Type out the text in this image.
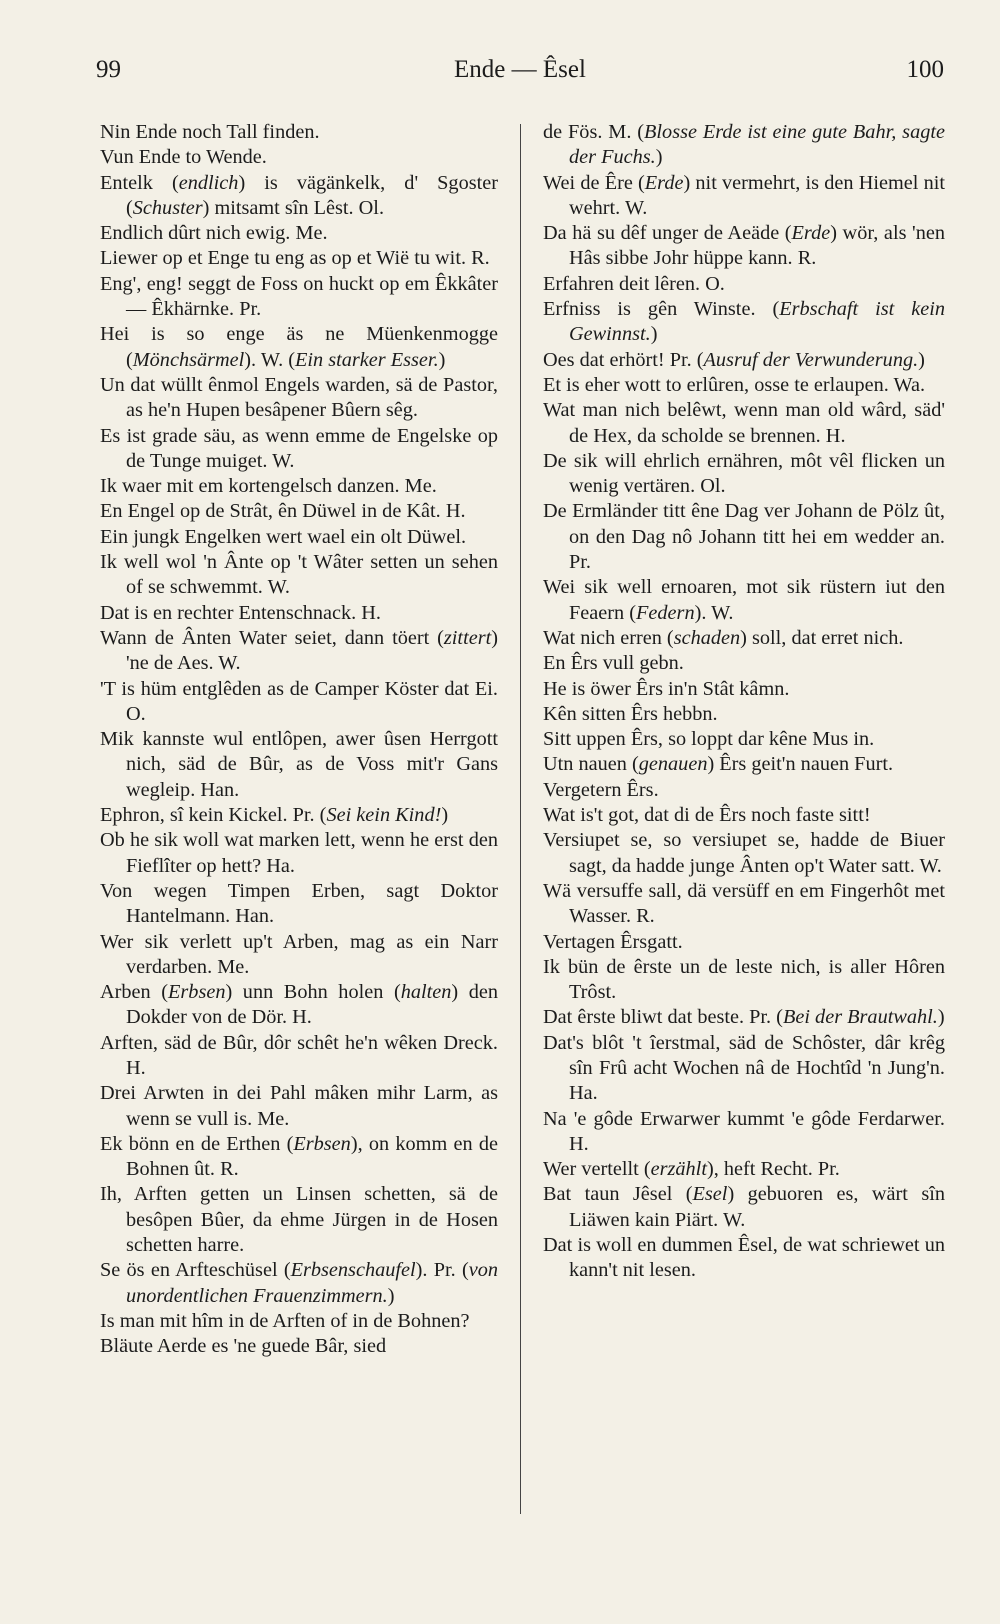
99	Ende — Êsel	100

Nin Ende noch Tall finden.

Vun Ende to Wende.

Entelk (endlich) is vägänkelk, d' Sgoster (Schuster) mitsamt sîn Lêst. Ol.

Endlich dûrt nich ewig. Me.

Liewer op et Enge tu eng as op et Wië tu wit. R.

Eng', eng! seggt de Foss on huckt op em Êkkâter — Êkhärnke. Pr.

Hei is so enge äs ne Müenkenmogge (Mönchsärmel). W. (Ein starker Esser.)

Un dat wüllt ênmol Engels warden, sä de Pastor, as he'n Hupen besâpener Bûern sêg.

Es ist grade säu, as wenn emme de Engelske op de Tunge muiget. W.

Ik waer mit em kortengelsch danzen. Me.

En Engel op de Strât, ên Düwel in de Kât. H.

Ein jungk Engelken wert wael ein olt Düwel.

Ik well wol 'n Ânte op 't Wâter setten un sehen of se schwemmt. W.

Dat is en rechter Entenschnack. H.

Wann de Ânten Water seiet, dann töert (zittert) 'ne de Aes. W.

'T is hüm entglêden as de Camper Köster dat Ei. O.

Mik kannste wul entlôpen, awer ûsen Herrgott nich, säd de Bûr, as de Voss mit'r Gans wegleip. Han.

Ephron, sî kein Kickel. Pr. (Sei kein Kind!)

Ob he sik woll wat marken lett, wenn he erst den Fieflîter op hett? Ha.

Von wegen Timpen Erben, sagt Doktor Hantelmann. Han.

Wer sik verlett up't Arben, mag as ein Narr verdarben. Me.

Arben (Erbsen) unn Bohn holen (halten) den Dokder von de Dör. H.

Arften, säd de Bûr, dôr schêt he'n wêken Dreck. H.

Drei Arwten in dei Pahl mâken mihr Larm, as wenn se vull is. Me.

Ek bönn en de Erthen (Erbsen), on komm en de Bohnen ût. R.

Ih, Arften getten un Linsen schetten, sä de besôpen Bûer, da ehme Jürgen in de Hosen schetten harre.

Se ös en Arfteschüsel (Erbsenschaufel). Pr. (von unordentlichen Frauenzimmern.)

Is man mit hîm in de Arften of in de Bohnen?

Bläute Aerde es 'ne guede Bâr, sied

de Fös. M. (Blosse Erde ist eine gute Bahr, sagte der Fuchs.)

Wei de Êre (Erde) nit vermehrt, is den Hiemel nit wehrt. W.

Da hä su dêf unger de Aeäde (Erde) wör, als 'nen Hâs sibbe Johr hüppe kann. R.

Erfahren deit lêren. O.

Erfniss is gên Winste. (Erbschaft ist kein Gewinnst.)

Oes dat erhört! Pr. (Ausruf der Verwunderung.)

Et is eher wott to erlûren, osse te erlaupen. Wa.

Wat man nich belêwt, wenn man old wârd, säd' de Hex, da scholde se brennen. H.

De sik will ehrlich ernähren, môt vêl flicken un wenig vertären. Ol.

De Ermländer titt êne Dag ver Johann de Pölz ût, on den Dag nô Johann titt hei em wedder an. Pr.

Wei sik well ernoaren, mot sik rüstern iut den Feaern (Federn). W.

Wat nich erren (schaden) soll, dat erret nich.

En Êrs vull gebn.

He is öwer Êrs in'n Stât kâmn.

Kên sitten Êrs hebbn.

Sitt uppen Êrs, so loppt dar kêne Mus in.

Utn nauen (genauen) Êrs geit'n nauen Furt.

Vergetern Êrs.

Wat is't got, dat di de Êrs noch faste sitt!

Versiupet se, so versiupet se, hadde de Biuer sagt, da hadde junge Ânten op't Water satt. W.

Wä versuffe sall, dä versüff en em Fingerhôt met Wasser. R.

Vertagen Êrsgatt.

Ik bün de êrste un de leste nich, is aller Hôren Trôst.

Dat êrste bliwt dat beste. Pr. (Bei der Brautwahl.)

Dat's blôt 't îerstmal, säd de Schôster, dâr krêg sîn Frû acht Wochen nâ de Hochtîd 'n Jung'n. Ha.

Na 'e gôde Erwarwer kummt 'e gôde Ferdarwer. H.

Wer vertellt (erzählt), heft Recht. Pr.

Bat taun Jêsel (Esel) gebuoren es, wärt sîn Liäwen kain Piärt. W.

Dat is woll en dummen Êsel, de wat schriewet un kann't nit lesen.
